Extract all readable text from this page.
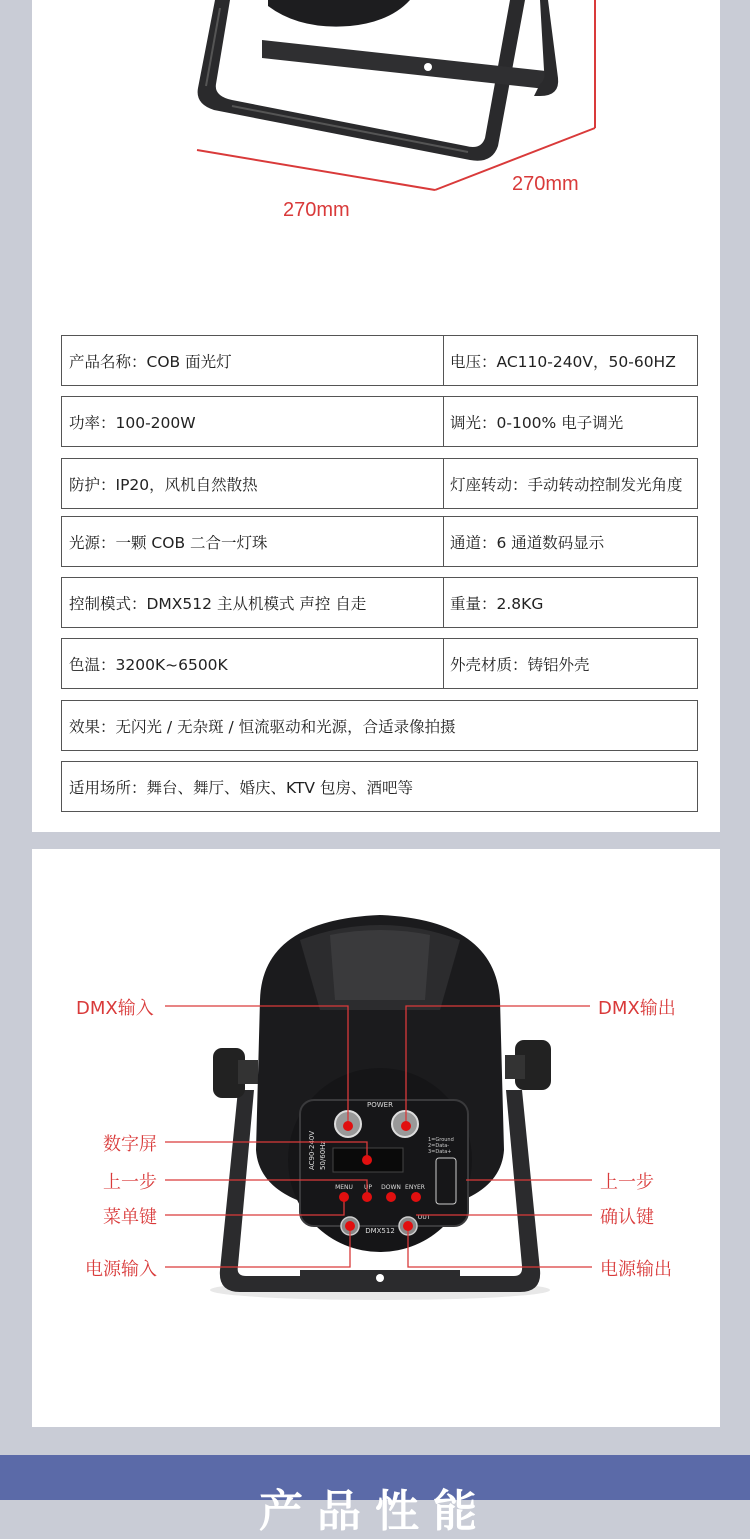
POWER
AC90-240V 50/60Hz
1=Ground
2=Data-
3=Data+
MENU UP DOWN ENYER
DMX512
OUT
270mm
270mm
产品名称：COB 面光灯	电压：AC110-240V，50-60HZ
功率：100-200W	调光：0-100% 电子调光
防护：IP20，风机自然散热	灯座转动：手动转动控制发光角度
光源：一颗 COB 二合一灯珠	通道：6 通道数码显示
控制模式：DMX512 主从机模式 声控 自走	重量：2.8KG
色温：3200K~6500K	外壳材质：铸铝外壳
效果：无闪光 / 无杂斑 / 恒流驱动和光源，合适录像拍摄
适用场所：舞台、舞厅、婚庆、KTV 包房、酒吧等
DMX输入	DMX输出
数字屏
上一步	上一步
菜单键	确认键
电源输入	电源输出
产品性能
